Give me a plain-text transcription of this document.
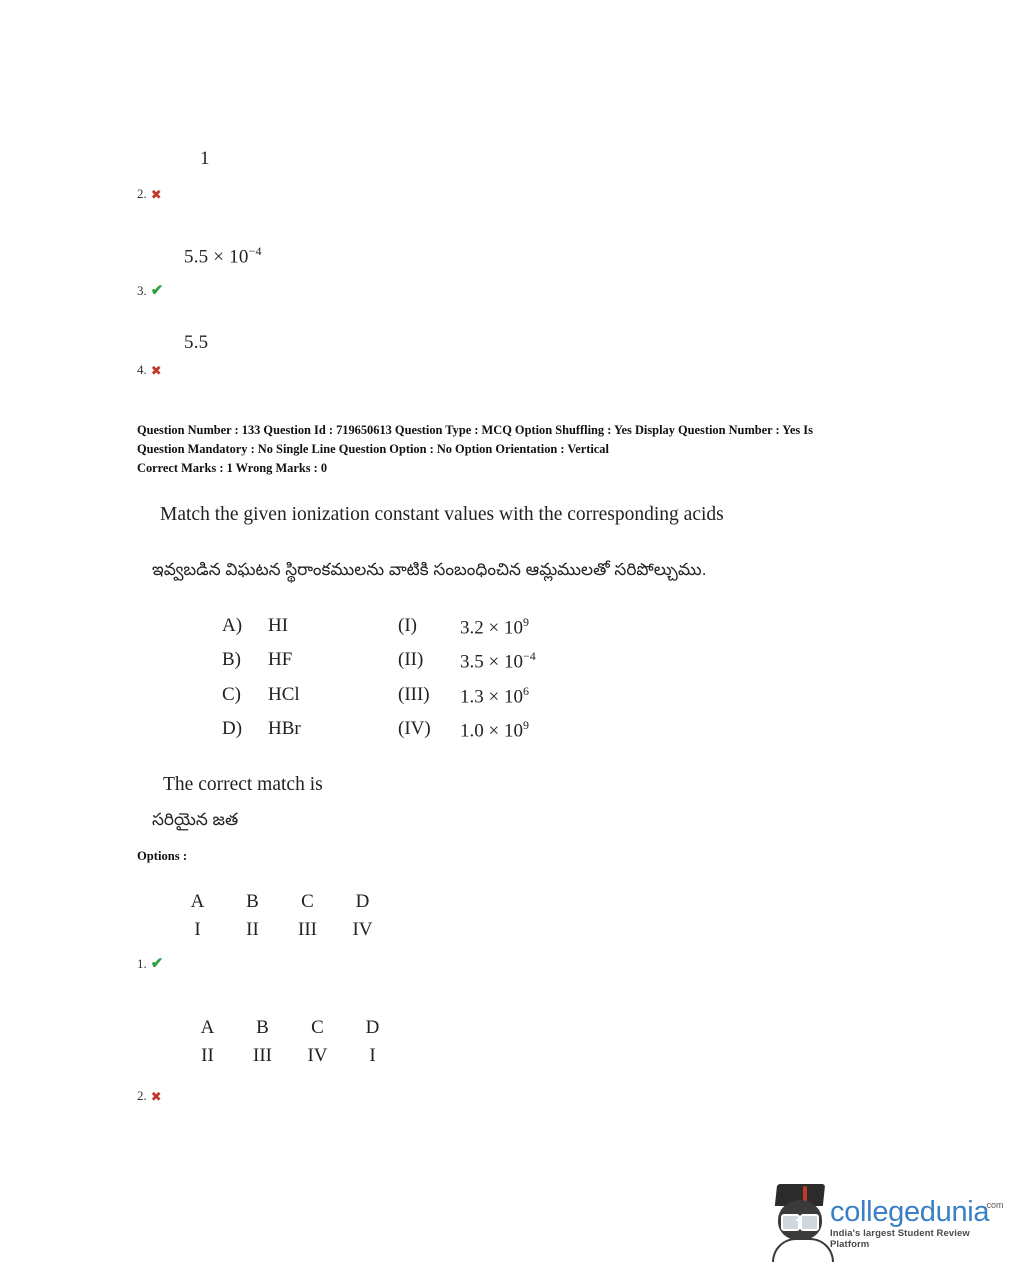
1
2. ✖
$5.5 \times 10^{-4}$
3. ✔
5.5
4. ✖
Question Number : 133 Question Id : 719650613 Question Type : MCQ Option Shuffling : Yes Display Question Number : Yes Is
Question Mandatory : No Single Line Question Option : No Option Orientation : Vertical
Correct Marks : 1 Wrong Marks : 0
Match the given ionization constant values with the corresponding acids
ఇవ్వబడిన విఘటన స్థిరాంకములను వాటికి సంబంధించిన ఆమ్లములతో సరిపోల్చుము.
A)	HI	(I)	$3.2 \times 10^9$
B)	HF	(II)	$3.5 \times 10^{-4}$
C)	HCl	(III)	$1.3 \times 10^6$
D)	HBr	(IV)	$1.0 \times 10^9$
The correct match is
సరియైన జత
Options :
A	B	C	D
I	II	III	IV
1. ✔
A	B	C	D
II	III	IV	I
2. ✖
collegedunia
.com
India's largest Student Review Platform
